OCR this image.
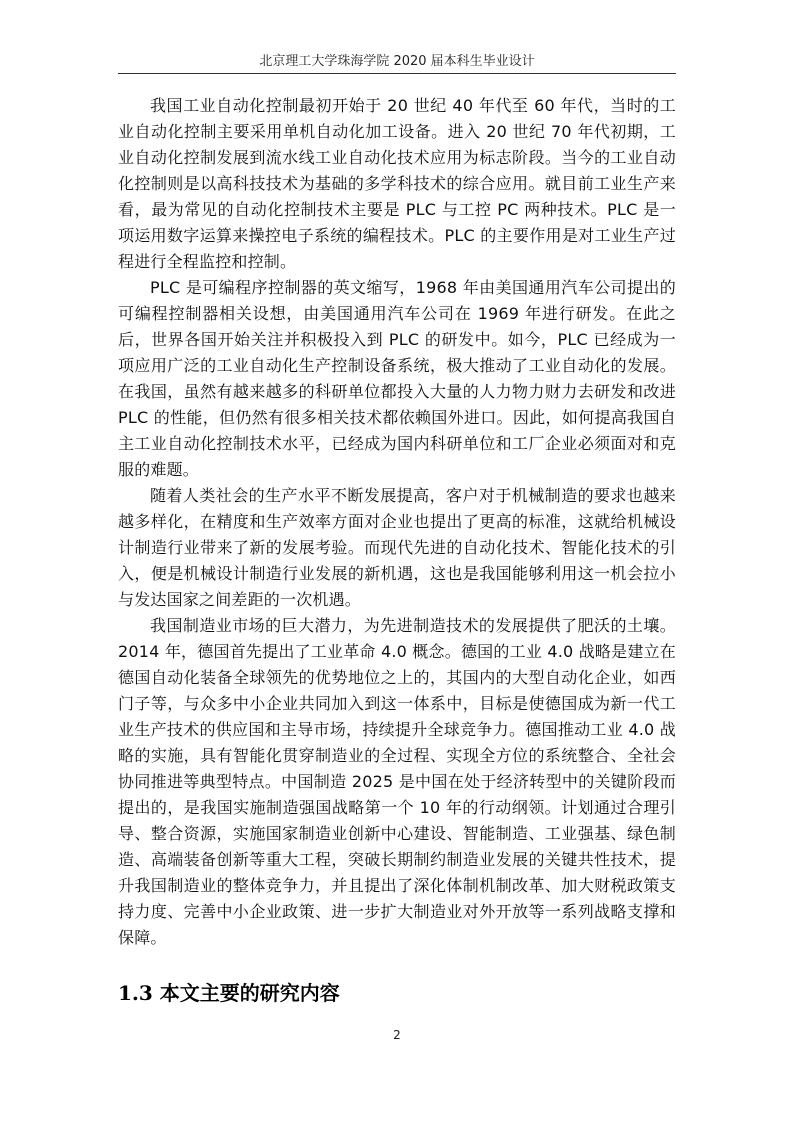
北京理工大学珠海学院 2020 届本科生毕业设计

我国工业自动化控制最初开始于 20 世纪 40 年代至 60 年代，当时的工业自动化控制主要采用单机自动化加工设备。进入 20 世纪 70 年代初期，工业自动化控制发展到流水线工业自动化技术应用为标志阶段。当今的工业自动化控制则是以高科技技术为基础的多学科技术的综合应用。就目前工业生产来看，最为常见的自动化控制技术主要是 PLC 与工控 PC 两种技术。PLC 是一项运用数字运算来操控电子系统的编程技术。PLC 的主要作用是对工业生产过程进行全程监控和控制。

PLC 是可编程序控制器的英文缩写，1968 年由美国通用汽车公司提出的可编程控制器相关设想，由美国通用汽车公司在 1969 年进行研发。在此之后，世界各国开始关注并积极投入到 PLC 的研发中。如今，PLC 已经成为一项应用广泛的工业自动化生产控制设备系统，极大推动了工业自动化的发展。在我国，虽然有越来越多的科研单位都投入大量的人力物力财力去研发和改进 PLC 的性能，但仍然有很多相关技术都依赖国外进口。因此，如何提高我国自主工业自动化控制技术水平，已经成为国内科研单位和工厂企业必须面对和克服的难题。

随着人类社会的生产水平不断发展提高，客户对于机械制造的要求也越来越多样化，在精度和生产效率方面对企业也提出了更高的标准，这就给机械设计制造行业带来了新的发展考验。而现代先进的自动化技术、智能化技术的引入，便是机械设计制造行业发展的新机遇，这也是我国能够利用这一机会拉小与发达国家之间差距的一次机遇。

我国制造业市场的巨大潜力，为先进制造技术的发展提供了肥沃的土壤。2014 年，德国首先提出了工业革命 4.0 概念。德国的工业 4.0 战略是建立在德国自动化装备全球领先的优势地位之上的，其国内的大型自动化企业，如西门子等，与众多中小企业共同加入到这一体系中，目标是使德国成为新一代工业生产技术的供应国和主导市场，持续提升全球竞争力。德国推动工业 4.0 战略的实施，具有智能化贯穿制造业的全过程、实现全方位的系统整合、全社会协同推进等典型特点。中国制造 2025 是中国在处于经济转型中的关键阶段而提出的，是我国实施制造强国战略第一个 10 年的行动纲领。计划通过合理引导、整合资源，实施国家制造业创新中心建设、智能制造、工业强基、绿色制造、高端装备创新等重大工程，突破长期制约制造业发展的关键共性技术，提升我国制造业的整体竞争力，并且提出了深化体制机制改革、加大财税政策支持力度、完善中小企业政策、进一步扩大制造业对外开放等一系列战略支撑和保障。

1.3 本文主要的研究内容
2
